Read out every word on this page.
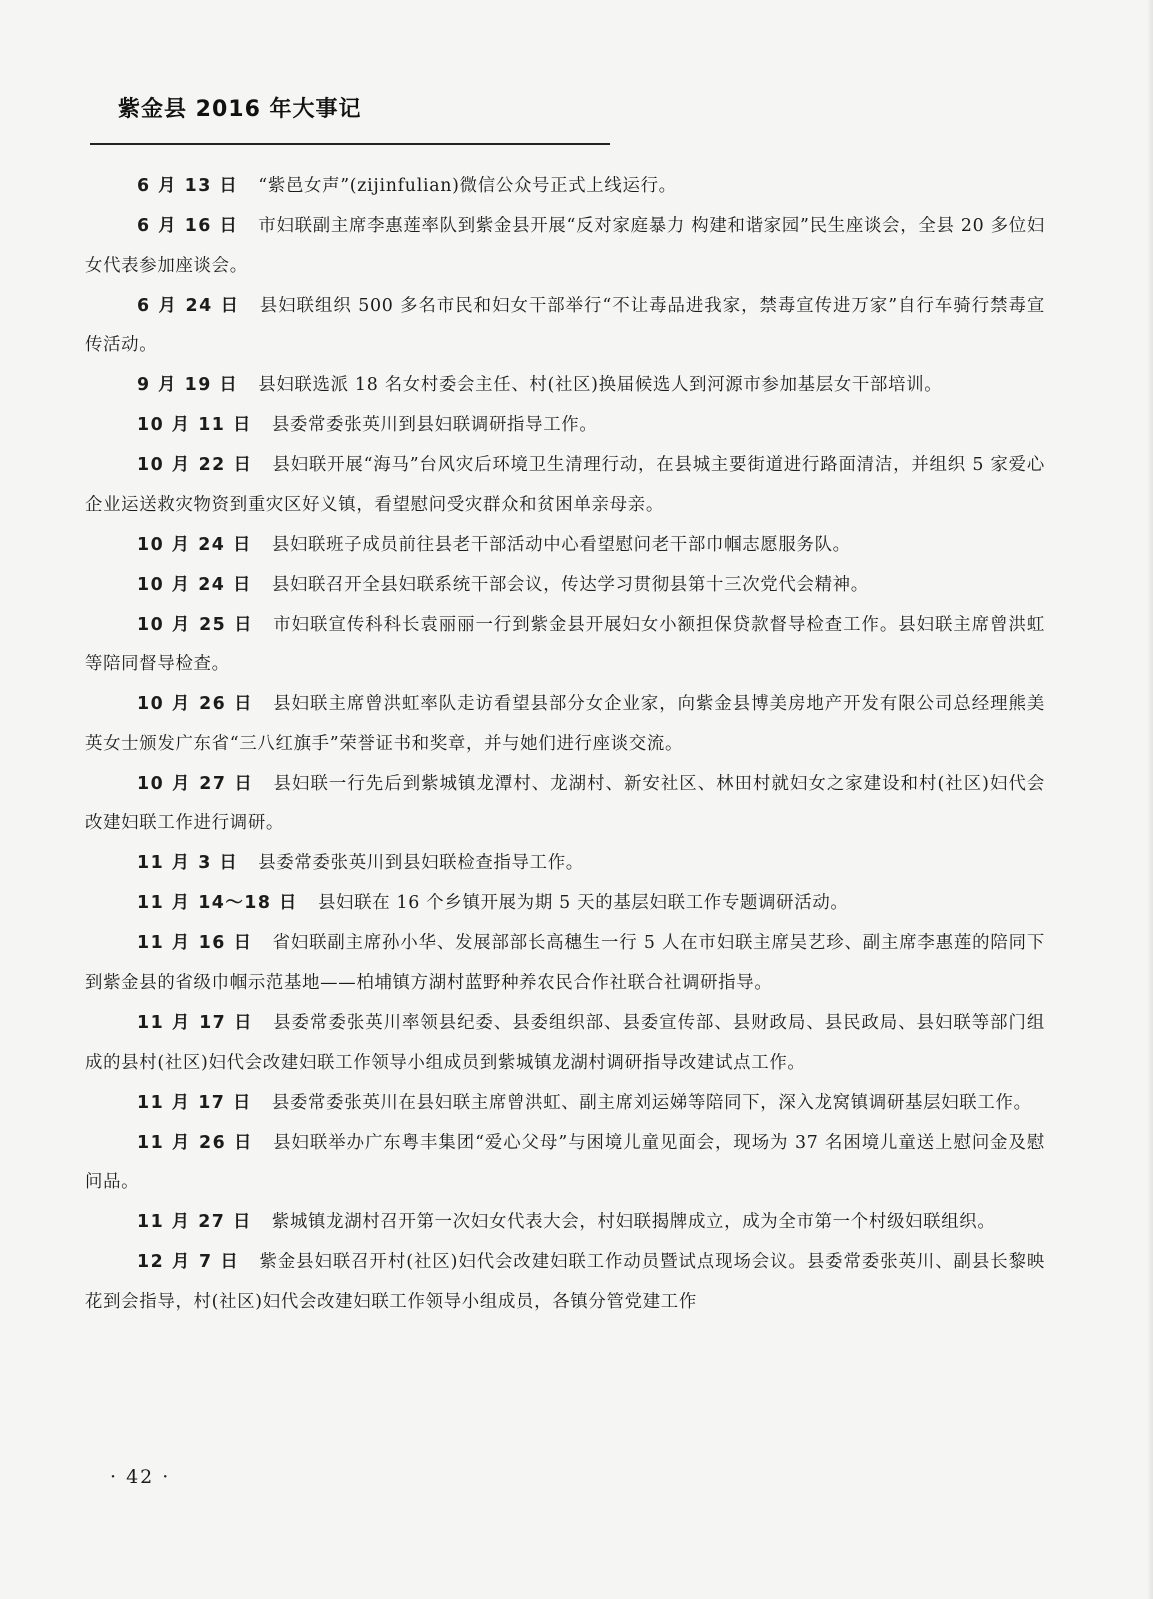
紫金县 2016 年大事记

6 月 13 日 “紫邑女声”(zijinfulian)微信公众号正式上线运行。

6 月 16 日 市妇联副主席李惠莲率队到紫金县开展“反对家庭暴力 构建和谐家园”民生座谈会，全县 20 多位妇女代表参加座谈会。

6 月 24 日 县妇联组织 500 多名市民和妇女干部举行“不让毒品进我家，禁毒宣传进万家”自行车骑行禁毒宣传活动。

9 月 19 日 县妇联选派 18 名女村委会主任、村(社区)换届候选人到河源市参加基层女干部培训。

10 月 11 日 县委常委张英川到县妇联调研指导工作。

10 月 22 日 县妇联开展“海马”台风灾后环境卫生清理行动，在县城主要街道进行路面清洁，并组织 5 家爱心企业运送救灾物资到重灾区好义镇，看望慰问受灾群众和贫困单亲母亲。

10 月 24 日 县妇联班子成员前往县老干部活动中心看望慰问老干部巾帼志愿服务队。

10 月 24 日 县妇联召开全县妇联系统干部会议，传达学习贯彻县第十三次党代会精神。

10 月 25 日 市妇联宣传科科长袁丽丽一行到紫金县开展妇女小额担保贷款督导检查工作。县妇联主席曾洪虹等陪同督导检查。

10 月 26 日 县妇联主席曾洪虹率队走访看望县部分女企业家，向紫金县博美房地产开发有限公司总经理熊美英女士颁发广东省“三八红旗手”荣誉证书和奖章，并与她们进行座谈交流。

10 月 27 日 县妇联一行先后到紫城镇龙潭村、龙湖村、新安社区、林田村就妇女之家建设和村(社区)妇代会改建妇联工作进行调研。

11 月 3 日 县委常委张英川到县妇联检查指导工作。

11 月 14～18 日 县妇联在 16 个乡镇开展为期 5 天的基层妇联工作专题调研活动。

11 月 16 日 省妇联副主席孙小华、发展部部长高穗生一行 5 人在市妇联主席吴艺珍、副主席李惠莲的陪同下到紫金县的省级巾帼示范基地——柏埔镇方湖村蓝野种养农民合作社联合社调研指导。

11 月 17 日 县委常委张英川率领县纪委、县委组织部、县委宣传部、县财政局、县民政局、县妇联等部门组成的县村(社区)妇代会改建妇联工作领导小组成员到紫城镇龙湖村调研指导改建试点工作。

11 月 17 日 县委常委张英川在县妇联主席曾洪虹、副主席刘运娣等陪同下，深入龙窝镇调研基层妇联工作。

11 月 26 日 县妇联举办广东粤丰集团“爱心父母”与困境儿童见面会，现场为 37 名困境儿童送上慰问金及慰问品。

11 月 27 日 紫城镇龙湖村召开第一次妇女代表大会，村妇联揭牌成立，成为全市第一个村级妇联组织。

12 月 7 日 紫金县妇联召开村(社区)妇代会改建妇联工作动员暨试点现场会议。县委常委张英川、副县长黎映花到会指导，村(社区)妇代会改建妇联工作领导小组成员，各镇分管党建工作

· 42 ·
